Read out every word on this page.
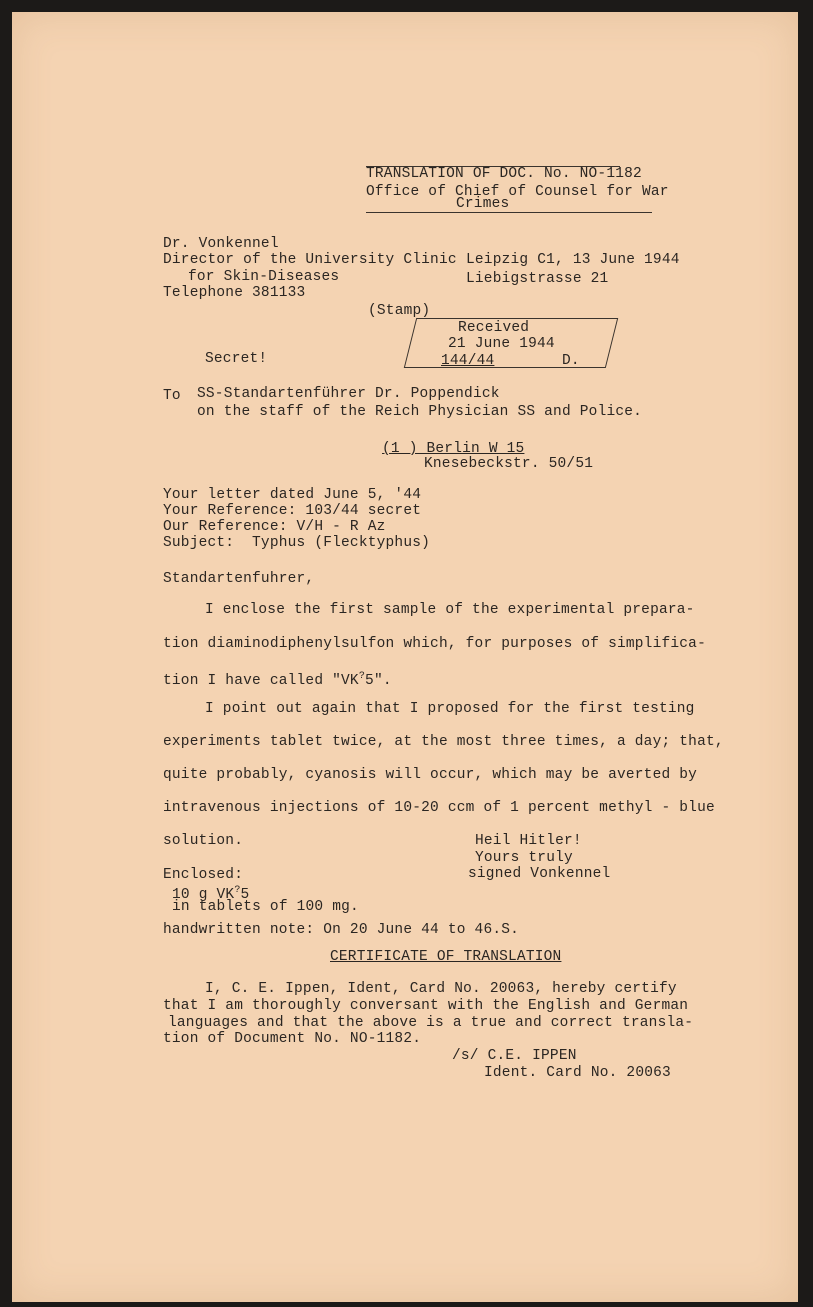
TRANSLATION OF DOC. No. NO-1182
Office of Chief of Counsel for War
Crimes
Dr. Vonkennel
Director of the University Clinic
for Skin-Diseases
Telephone 381133
Leipzig C1, 13 June 1944
Liebigstrasse 21
(Stamp)
Received
21 June 1944
144/44	D.
Secret!
To SS-Standartenführer Dr. Poppendick
on the staff of the Reich Physician SS and Police.
(1 ) Berlin W 15
Knesebeckstr. 50/51
Your letter dated June 5, '44
Your Reference: 103/44 secret
Our Reference: V/H - R Az
Subject:  Typhus (Flecktyphus)
Standartenfuhrer,
I enclose the first sample of the experimental prepara-
tion diaminodiphenylsulfon which, for purposes of simplifica-
tion I have called "VK?5".
I point out again that I proposed for the first testing
experiments tablet twice, at the most three times, a day; that,
quite probably, cyanosis will occur, which may be averted by
intravenous injections of 10-20 ccm of 1 percent methyl - blue
solution.	Heil Hitler!
Yours truly
signed Vonkennel
Enclosed:
10 g VK?5
in tablets of 100 mg.
handwritten note: On 20 June 44 to 46.S.
CERTIFICATE OF TRANSLATION
I, C. E. Ippen, Ident, Card No. 20063, hereby certify
that I am thoroughly conversant with the English and German
languages and that the above is a true and correct transla-
tion of Document No. NO-1182.
/s/ C.E. IPPEN
Ident. Card No. 20063
